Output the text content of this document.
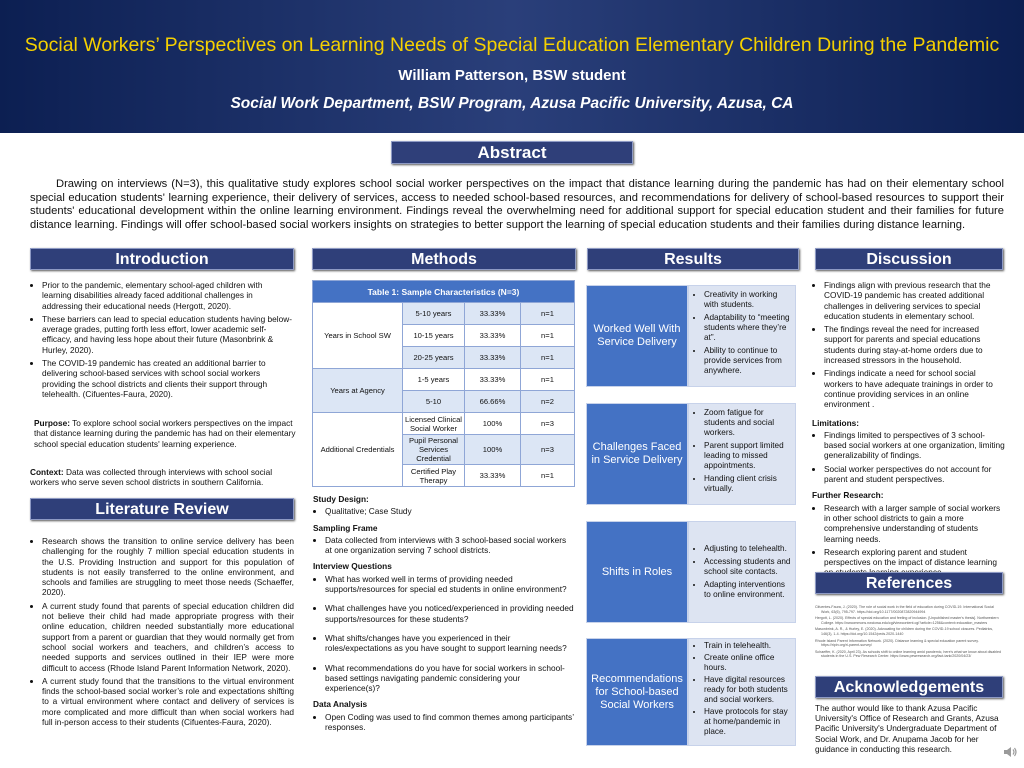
Social Workers’ Perspectives on Learning Needs of Special Education Elementary Children During the Pandemic
William Patterson, BSW student
Social Work Department, BSW Program, Azusa Pacific University, Azusa, CA
Abstract
Drawing on interviews (N=3), this qualitative study explores school social worker perspectives on the impact that distance learning during the pandemic has had on their elementary school special education students' learning experience, their delivery of services, access to needed school-based resources, and recommendations for delivery of school-based resources to support their students' educational development within the online learning environment. Findings reveal the overwhelming need for additional support for special education student and their families for future distance learning. Findings will offer school-based social workers insights on strategies to better support the learning of special education students and their families during distance learning.
Introduction	Methods	Results	Discussion
• Prior to the pandemic, elementary school-aged children with learning disabilities already faced additional challenges in addressing their educational needs (Hergott, 2020).
• These barriers can lead to special education students having below-average grades, putting forth less effort, lower academic self-efficacy, and having less hope about their future (Masonbrink & Hurley, 2020).
• The COVID-19 pandemic has created an additional barrier to delivering school-based services with school social workers providing the school districts and clients their support through telehealth. (Cifuentes-Faura, 2020).
Purpose: To explore school social workers perspectives on the impact that distance learning during the pandemic has had on their elementary school special education students' learning experience.
Context: Data was collected through interviews with school social workers who serve seven school districts in southern California.
Literature Review
• Research shows the transition to online service delivery has been challenging for the roughly 7 million special education students in the U.S. Providing Instruction and support for this population of students is not easily transferred to the online environment, and schools and families are struggling to meet those needs (Schaeffer, 2020).
• A current study found that parents of special education children did not believe their child had made appropriate progress with their online education, children needed substantially more educational support from a parent or guardian that they would normally get from school social workers and teachers, and children’s access to needed supports and services outlined in their IEP were more difficult to access (Rhode Island Parent Information Network, 2020).
• A current study found that the transitions to the virtual environment finds the school-based social worker’s role and expectations shifting to a virtual environment where contact and delivery of services is more complicated and more difficult than when social workers had full in-person access to their students (Cifuentes-Faura, 2020).
Table 1: Sample Characteristics (N=3)			
Years in School SW	5-10 years	33.33%	n=1
	10-15 years	33.33%	n=1
	20-25 years	33.33%	n=1
Years at Agency	1-5 years	33.33%	n=1
	5-10	66.66%	n=2
Additional Credentials	Licensed Clinical Social Worker	100%	n=3
	Pupil Personal Services Credential	100%	n=3
	Certified Play Therapy	33.33%	n=1
Study Design:
• Qualitative; Case Study
Sampling Frame
• Data collected from interviews with 3 school-based social workers at one organization serving 7 school districts.
Interview Questions
• What has worked well in terms of providing needed supports/resources for special ed students in online environment?
• What challenges have you noticed/experienced in providing needed supports/resources for these students?
• What shifts/changes have you experienced in their roles/expectations as you have sought to support learning needs?
• What recommendations do you have for social workers in school-based settings navigating pandemic considering your experience(s)?
Data Analysis
• Open Coding was used to find common themes among participants’ responses.
Worked Well With Service Delivery
• Creativity in working with students.
• Adaptability to “meeting students where they’re at”.
• Ability to continue to provide services from anywhere.
Challenges Faced in Service Delivery
• Zoom fatigue for students and social workers.
• Parent support limited leading to missed appointments.
• Handing client crisis virtually.
Shifts in Roles
• Adjusting to telehealth.
• Accessing students and school site contacts.
• Adapting interventions to online environment.
Recommendations for School-based Social Workers
• Train in telehealth.
• Create online office hours.
• Have digital resources ready for both students and social workers.
• Have protocols for stay at home/pandemic in place.
• Findings align with previous research that the COVID-19 pandemic has created additional challenges in delivering services to special education students in elementary school.
• The findings reveal the need for increased support for parents and special educations students during stay-at-home orders due to increased stressors in the household.
• Findings indicate a need for school social workers to have adequate trainings in order to continue providing services in an online environment .
Limitations:
• Findings limited to perspectives of 3 school-based social workers at one organization, limiting generalizability of findings.
• Social worker perspectives do not account for parent and student perspectives.
Further Research:
• Research with a larger sample of social workers in other school districts to gain a more comprehensive understanding of students learning needs.
• Research exploring parent and student perspectives on the impact of distance learning
References

Cifuentes-Faura, J. (2020). The role of social work in the field of education during COVID-19. International Social Work, 63(6), 795-797. https://doi.org/10.1177/0020872820944994

Hergott, L. (2020). Effects of special education and feeling of inclusion. [Unpublished master's thesis]. Northwestern College. https://nwcommons.nwciowa.edu/cgi/viewcontent.cgi?article=1256&context=education_masters

Masonbrink, A. R., & Hurley, E. (2020). Advocating for children during the COVID-19 school closures. Pediatrics, 146(3), 1-4. https://doi.org/10.1542/peds.2020-1440

Rhode Island Parent Information Network. (2020). Distance learning & special education parent survey. https://ripin.org/ri-parent-survey/

Schaeffer, K. (2020, April 23). As schools shift to online learning amid pandemic, here's what we know about disabled students in the U.S. Pew Research Center. https://www.pewresearch.org/fact-tank/2020/04/23/

Acknowledgements
The author would like to thank Azusa Pacific University's Office of Research and Grants, Azusa Pacific University's Undergraduate Department of Social Work, and Dr. Anupama Jacob for her guidance in conducting this research.
